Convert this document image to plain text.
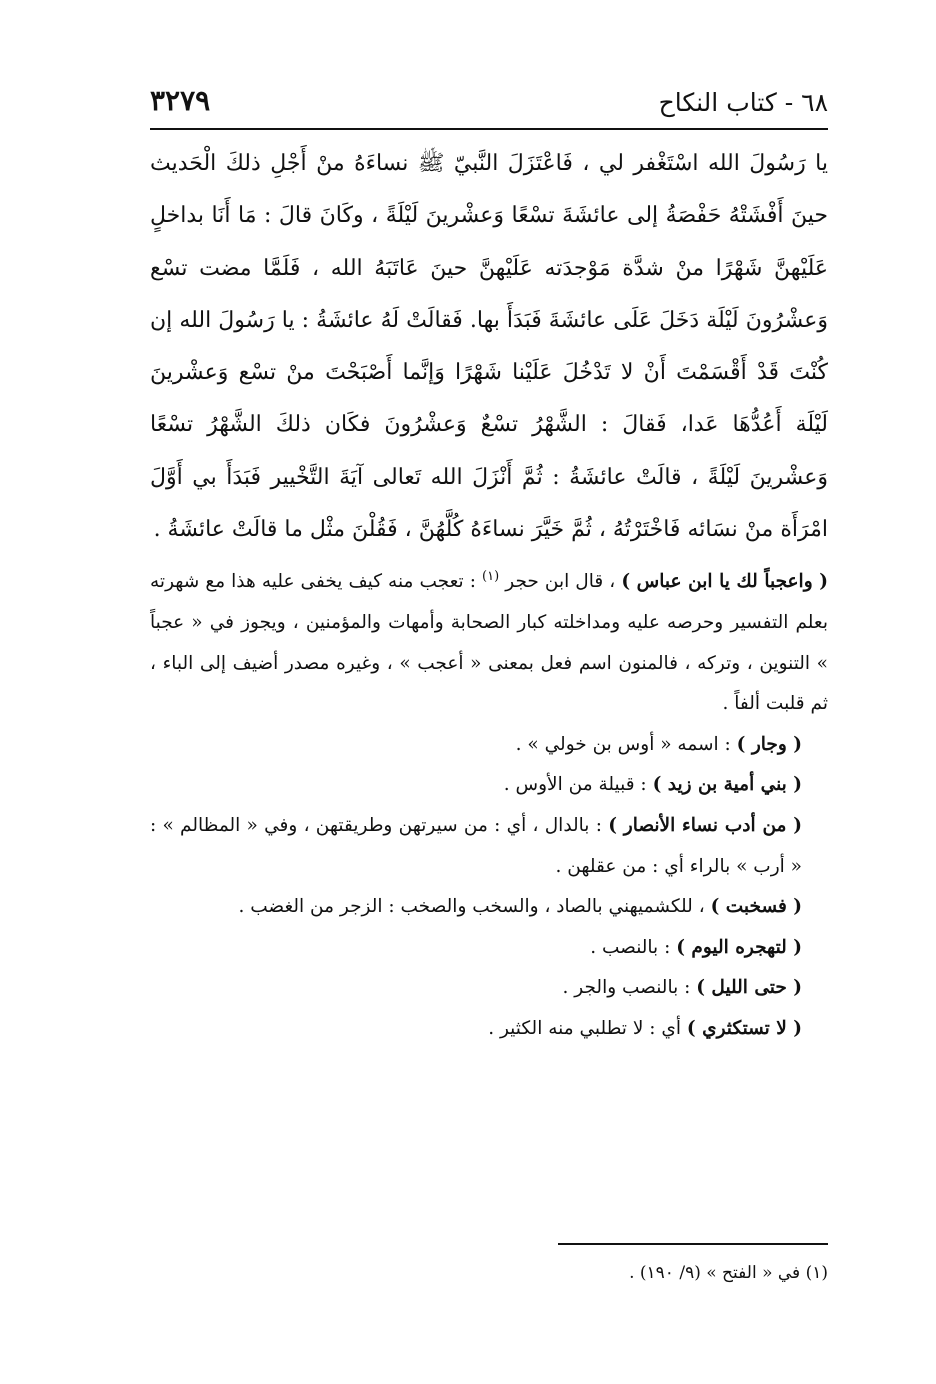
٦٨ - كتاب النكاح
٣٢٧٩

يا رَسُولَ الله اسْتَغْفر لي ، فَاعْتَزَلَ النَّبيّ ﷺ نساءَهُ منْ أَجْلِ ذلكَ الْحَديث حينَ أَفْشَتْهُ حَفْصَةُ إلى عائشَةَ تسْعًا وَعشْرينَ لَيْلَةً ، وكَانَ قالَ : مَا أَنَا بداخلٍ عَلَيْهنَّ شَهْرًا منْ شدَّة مَوْجدَته عَلَيْهنَّ حينَ عَاتَبَهُ الله ، فَلَمَّا مضت تسْع وَعشْرُونَ لَيْلَة دَخَلَ عَلَى عائشَةَ فَبَدَأَ بها. فَقالَتْ لَهُ عائشَةُ : يا رَسُولَ الله إن كُنْتَ قَدْ أَقْسَمْتَ أَنْ لا تَدْخُلَ عَلَيْنا شَهْرًا وَإنَّما أَصْبَحْتَ منْ تسْع وَعشْرينَ لَيْلَة أَعُدُّهَا عَدا، فَقالَ : الشَّهْرُ تسْعٌ وَعشْرُونَ فكَان ذلكَ الشَّهْرُ تسْعًا وَعشْرينَ لَيْلَةً ، قالَتْ عائشَةُ : ثُمَّ أَنْزَلَ الله تَعالى آيَةَ التَّخْيير فَبَدَأَ بي أَوَّلَ امْرَأَة منْ نسَائه فَاخْتَرْتُهُ ، ثُمَّ خَيَّرَ نساءَهُ كُلَّهُنَّ ، فَقُلْنَ مثْل ما قالَتْ عائشَةُ .

( واعجباً لك يا ابن عباس ) ، قال ابن حجر $^{(١)}$ : تعجب منه كيف يخفى عليه هذا مع شهرته بعلم التفسير وحرصه عليه ومداخلته كبار الصحابة وأمهات والمؤمنين ، ويجوز في « عجباً » التنوين ، وتركه ، فالمنون اسم فعل بمعنى « أعجب » ، وغيره مصدر أضيف إلى الباء ، ثم قلبت ألفاً .

( وجار ) : اسمه « أوس بن خولي » .

( بني أمية بن زيد ) : قبيلة من الأوس .

( من أدب نساء الأنصار ) : بالدال ، أي : من سيرتهن وطريقتهن ، وفي « المظالم » : « أرب » بالراء أي : من عقلهن .

( فسخبت ) ، للكشميهني بالصاد ، والسخب والصخب : الزجر من الغضب .

( لتهجره اليوم ) : بالنصب .

( حتى الليل ) : بالنصب والجر .

( لا تستكثري ) أي : لا تطلبي منه الكثير .

(١) في « الفتح » (٩/ ١٩٠) .
